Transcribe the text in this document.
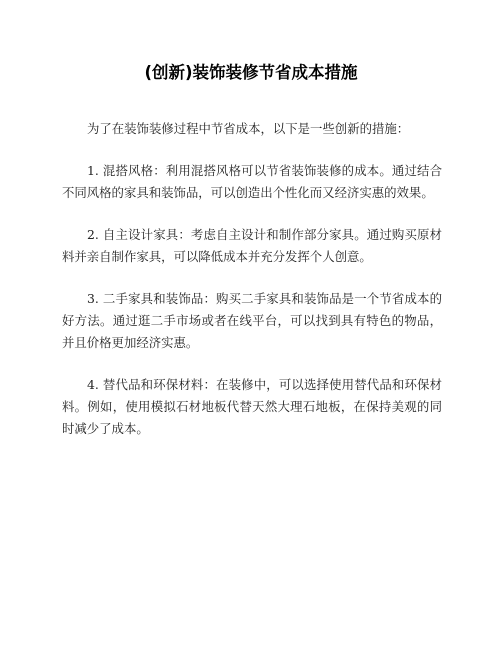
(创新)装饰装修节省成本措施

为了在装饰装修过程中节省成本，以下是一些创新的措施：

1. 混搭风格：利用混搭风格可以节省装饰装修的成本。通过结合不同风格的家具和装饰品，可以创造出个性化而又经济实惠的效果。

2. 自主设计家具：考虑自主设计和制作部分家具。通过购买原材料并亲自制作家具，可以降低成本并充分发挥个人创意。

3. 二手家具和装饰品：购买二手家具和装饰品是一个节省成本的好方法。通过逛二手市场或者在线平台，可以找到具有特色的物品，并且价格更加经济实惠。

4. 替代品和环保材料：在装修中，可以选择使用替代品和环保材料。例如，使用模拟石材地板代替天然大理石地板，在保持美观的同时减少了成本。
